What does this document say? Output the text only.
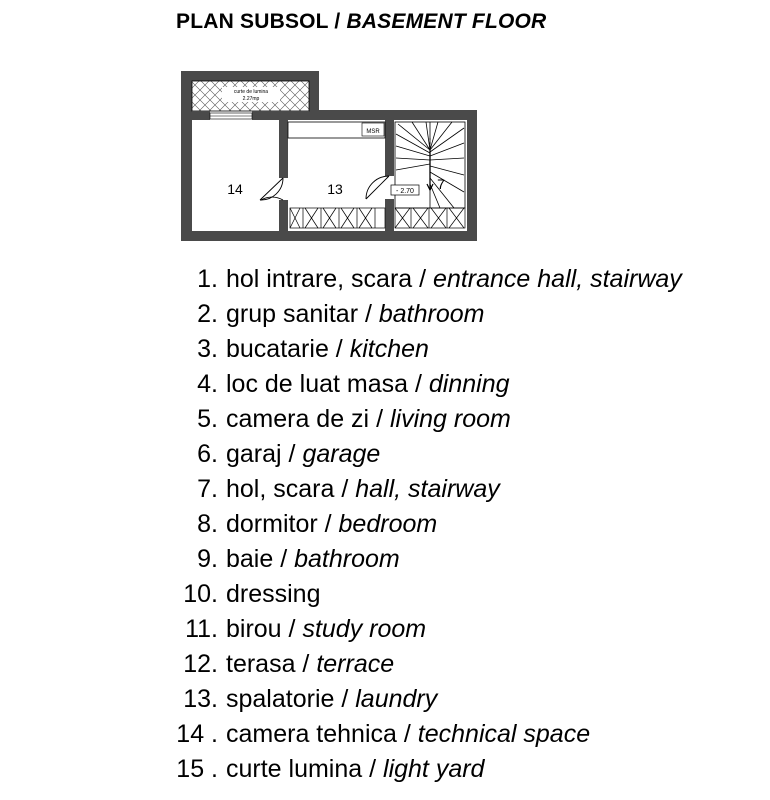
PLAN SUBSOL / BASEMENT FLOOR
curte de lumina
2.27mp
MSR
- 2.70
14	13	7
1. hol intrare, scara / entrance hall, stairway
2. grup sanitar / bathroom
3. bucatarie / kitchen
4. loc de luat masa / dinning
5. camera de zi / living room
6. garaj / garage
7. hol, scara / hall, stairway
8. dormitor / bedroom
9. baie / bathroom
10. dressing
11. birou / study room
12. terasa / terrace
13. spalatorie / laundry
14 . camera tehnica / technical space
15 . curte lumina / light yard
